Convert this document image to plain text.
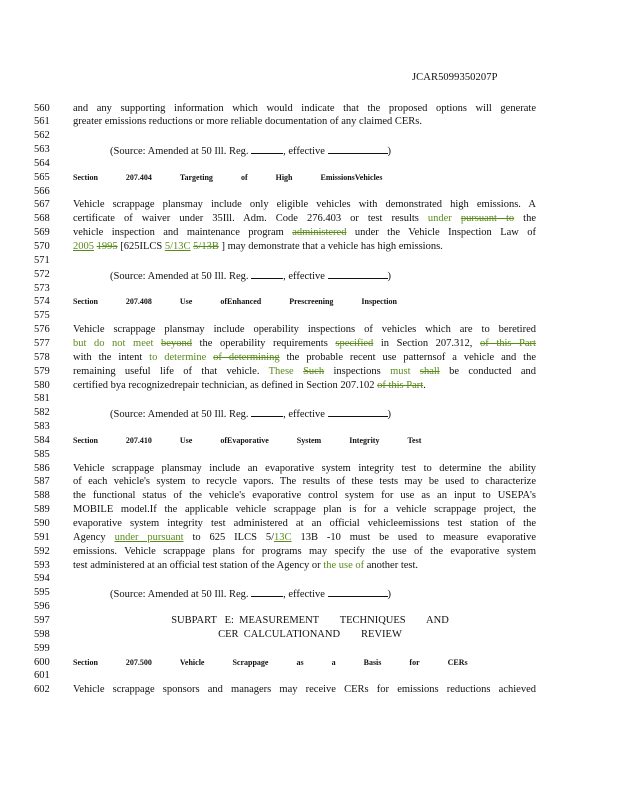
JCAR5099350207P
560	and any supporting information which would indicate that the proposed options will generate
561	greater emissions reductions or more reliable documentation of any claimed CERs.
562
563	(Source: Amended at 50 Ill. Reg.	, effective	)
564
565	Section	207.404	Targeting	of	High	EmissionsVehicles
566
567	Vehicle scrappage plansmay include only eligible vehicles with demonstrated high emissions. A
568	certificate of waiver under 35Ill. Adm. Code 276.403 or test results under pursuant to the
569	vehicle inspection and maintenance program administered under the Vehicle Inspection Law of
570	2005 1995 [625ILCS 5/13C 5/13B ] may demonstrate that a vehicle has high emissions.
571
572	(Source: Amended at 50 Ill. Reg.	, effective	)
573
574	Section	207.408	Use	ofEnhanced	Prescreening	Inspection
575
576	Vehicle scrappage plansmay include operability inspections of vehicles which are to beretired
577	but do not meet beyond the operability requirements specified in Section 207.312, of this Part
578	with the intent to determine of determining the probable recent use patternsof a vehicle and the
579	remaining useful life of that vehicle. These Such inspections must shall be conducted and
580	certified bya recognizedrepair technician, as defined in Section 207.102 of this Part.
581
582	(Source: Amended at 50 Ill. Reg.	, effective	)
583
584	Section	207.410	Use	ofEvaporative	System	Integrity	Test
585
586	Vehicle scrappage plansmay include an evaporative system integrity test to determine the ability
587	of each vehicle's system to recycle vapors. The results of these tests may be used to characterize
588	the functional status of the vehicle's evaporative control system for use as an input to USEPA's
589	MOBILE model.If the applicable vehicle scrappage plan is for a vehicle scrappage project, the
590	evaporative system integrity test administered at an official vehicleemissions test station of the
591	Agency under pursuant to 625 ILCS 5/13C 13B -10 must be used to measure evaporative
592	emissions. Vehicle scrappage plans for programs may specify the use of the evaporative system
593	test administered at an official test station of the Agency or the use of another test.
594
595	(Source: Amended at 50 Ill. Reg.	, effective	)
596
597	SUBPART   E:  MEASUREMENT        TECHNIQUES        AND
598	CER  CALCULATIONAND        REVIEW
599
600	Section	207.500	Vehicle	Scrappage	as	a	Basis	for	CERs
601
602	Vehicle scrappage sponsors and managers may receive CERs for emissions reductions achieved
